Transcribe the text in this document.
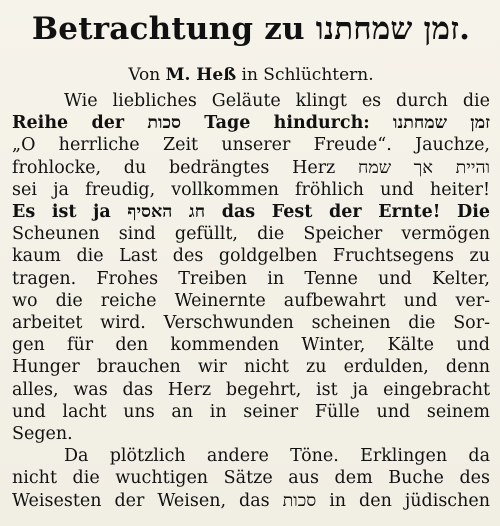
Betrachtung zu זמן שמחתנו.
Von M. Heß in Schlüchtern.
Wie liebliches Geläute klingt es durch die
Reihe der סכות Tage hindurch: זמן שמחתנו
„O herrliche Zeit unserer Freude“. Jauchze,
frohlocke, du bedrängtes Herz והיית אך שמח
sei ja freudig, vollkommen fröhlich und heiter!
Es ist ja חג האסיף das Fest der Ernte! Die
Scheunen sind gefüllt, die Speicher vermögen
kaum die Last des goldgelben Fruchtsegens zu
tragen. Frohes Treiben in Tenne und Kelter,
wo die reiche Weinernte aufbewahrt und ver-
arbeitet wird. Verschwunden scheinen die Sor-
gen für den kommenden Winter, Kälte und
Hunger brauchen wir nicht zu erdulden, denn
alles, was das Herz begehrt, ist ja eingebracht
und lacht uns an in seiner Fülle und seinem
Segen.
Da plötzlich andere Töne. Erklingen da
nicht die wuchtigen Sätze aus dem Buche des
Weisesten der Weisen, das סכות in den jüdischen
